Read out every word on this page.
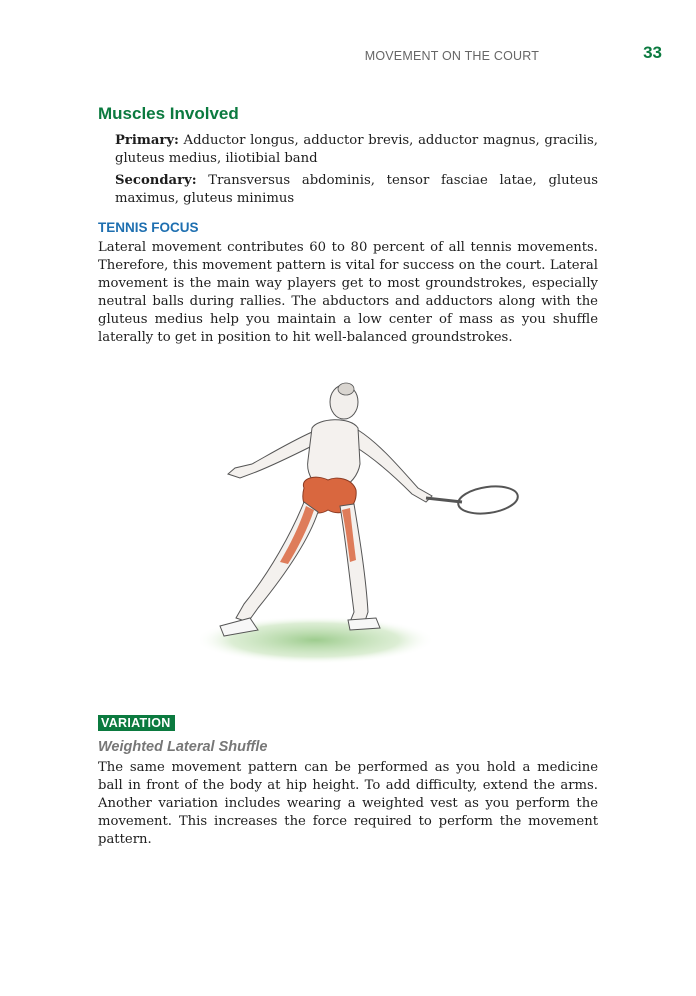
MOVEMENT ON THE COURT	33
Muscles Involved

Primary: Adductor longus, adductor brevis, adductor magnus, gracilis, gluteus medius, iliotibial band

Secondary: Transversus abdominis, tensor fasciae latae, gluteus maximus, gluteus minimus

TENNIS FOCUS

Lateral movement contributes 60 to 80 percent of all tennis movements. Therefore, this movement pattern is vital for success on the court. Lateral movement is the main way players get to most groundstrokes, especially neutral balls during rallies. The abductors and adductors along with the gluteus medius help you maintain a low center of mass as you shuffle laterally to get in position to hit well-balanced groundstrokes.

VARIATION
Weighted Lateral Shuffle

The same movement pattern can be performed as you hold a medicine ball in front of the body at hip height. To add difficulty, extend the arms. Another variation includes wearing a weighted vest as you perform the movement. This increases the force required to perform the movement pattern.
